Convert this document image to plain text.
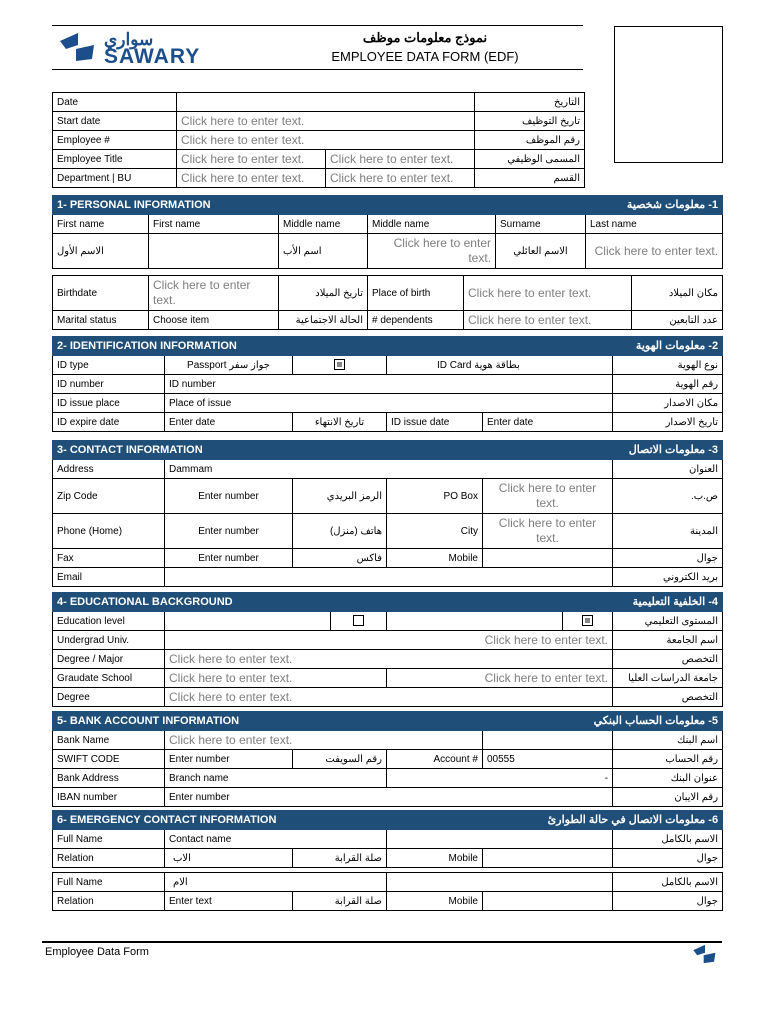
ﺳﻮﺍﺭﻱ
SAWARY
نموذج معلومات موظف
EMPLOYEE DATA FORM (EDF)
Date			التاريخ
Start date	Click here to enter text.		تاريخ التوظيف
Employee #	Click here to enter text.		رقم الموظف
Employee Title	Click here to enter text.	Click here to enter text.	المسمى الوظيفي
Department | BU	Click here to enter text.	Click here to enter text.	القسم
1- PERSONAL INFORMATION 1- معلومات شخصية					

First name	First name	Middle name	Middle name	Surname	Last name
الاسم الأول		اسم الأب	Click here to enter text.	الاسم العائلي	Click here to enter text.
Birthdate	Click here to enter text.	تاريخ الميلاد	Place of birth	Click here to enter text.	مكان الميلاد
Marital status	Choose item	الحالة الاجتماعية	# dependents	Click here to enter text.	عدد التابعين
2- IDENTIFICATION INFORMATION 2- معلومات الهوية					

ID type	جواز سفر Passport		بطاقة هوية ID Card		نوع الهوية
ID number	ID number				رقم الهوية
ID issue place	Place of issue				مكان الاصدار
ID expire date	Enter date	تاريخ الانتهاء	ID issue date	Enter date	تاريخ الاصدار
3- CONTACT INFORMATION 3- معلومات الاتصال					

Address	Dammam				العنوان
Zip Code	Enter number	الرمز البريدي	PO Box	Click here to enter text.	ص.ب.
Phone (Home)	Enter number	هاتف (منزل)	City	Click here to enter text.	المدينة
Fax	Enter number	فاكس	Mobile		جوال
Email					بريد الكتروني
4- EDUCATIONAL BACKGROUND 4- الخلفية التعليمية					

Education level					المستوى التعليمي
Undergrad Univ.	Click here to enter text.				اسم الجامعة
Degree / Major	Click here to enter text.				التخصص
Graudate School	Click here to enter text.		Click here to enter text.		جامعة الدراسات العليا
Degree	Click here to enter text.				التخصص
5- BANK ACCOUNT INFORMATION 5- معلومات الحساب البنكي					

Bank Name	Click here to enter text.				اسم البنك
SWIFT CODE	Enter number	رقم السويفت	Account #	00555	رقم الحساب
Bank Address	Branch name		-		عنوان البنك
IBAN number	Enter number				رقم الايبان
6- EMERGENCY CONTACT INFORMATION 6- معلومات الاتصال في حالة الطوارئ					

Full Name	Contact name				الاسم بالكامل
Relation	الاب	صلة القرابة	Mobile		جوال
Full Name	الام				الاسم بالكامل
Relation	Enter text	صلة القرابة	Mobile		جوال
Employee Data Form
